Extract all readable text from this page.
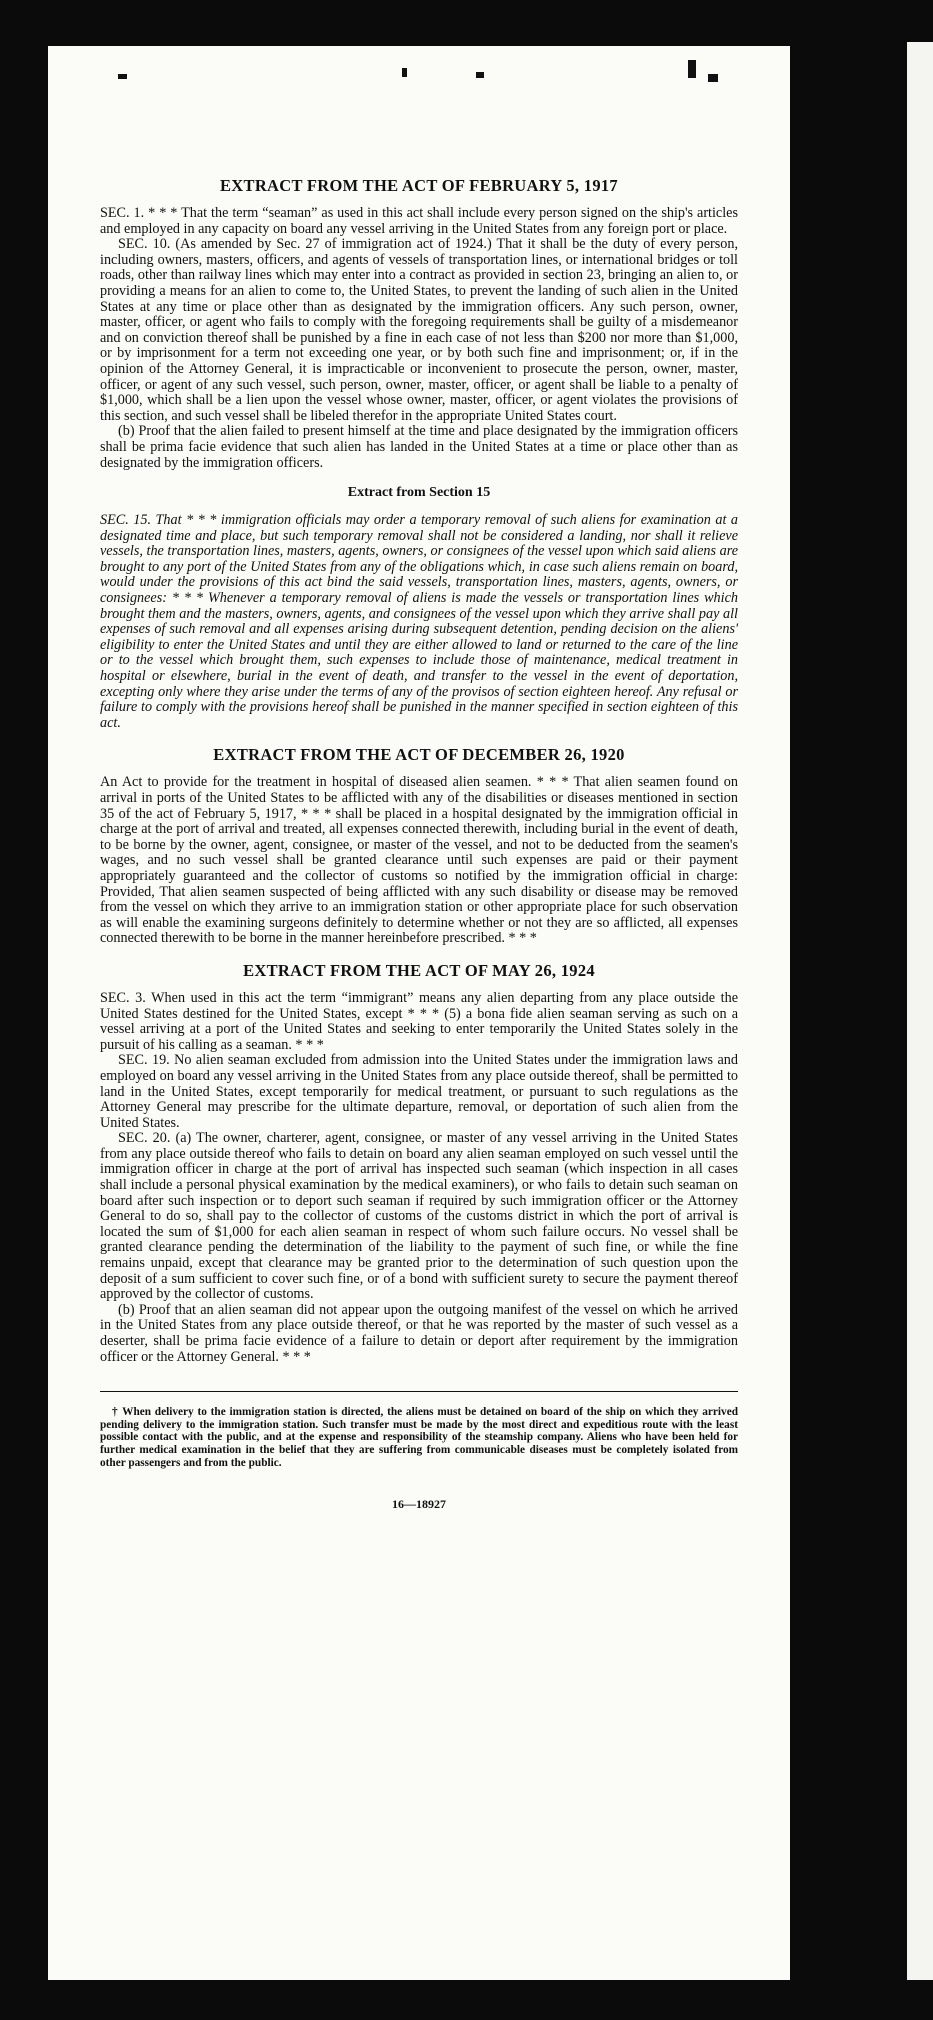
EXTRACT FROM THE ACT OF FEBRUARY 5, 1917

SEC. 1. * * * That the term “seaman” as used in this act shall include every person signed on the ship's articles and employed in any capacity on board any vessel arriving in the United States from any foreign port or place.

SEC. 10. (As amended by Sec. 27 of immigration act of 1924.) That it shall be the duty of every person, including owners, masters, officers, and agents of vessels of transportation lines, or international bridges or toll roads, other than railway lines which may enter into a contract as provided in section 23, bringing an alien to, or providing a means for an alien to come to, the United States, to prevent the landing of such alien in the United States at any time or place other than as designated by the immigration officers. Any such person, owner, master, officer, or agent who fails to comply with the foregoing requirements shall be guilty of a misdemeanor and on conviction thereof shall be punished by a fine in each case of not less than $200 nor more than $1,000, or by imprisonment for a term not exceeding one year, or by both such fine and imprisonment; or, if in the opinion of the Attorney General, it is impracticable or inconvenient to prosecute the person, owner, master, officer, or agent of any such vessel, such person, owner, master, officer, or agent shall be liable to a penalty of $1,000, which shall be a lien upon the vessel whose owner, master, officer, or agent violates the provisions of this section, and such vessel shall be libeled therefor in the appropriate United States court.

(b) Proof that the alien failed to present himself at the time and place designated by the immigration officers shall be prima facie evidence that such alien has landed in the United States at a time or place other than as designated by the immigration officers.

Extract from Section 15

SEC. 15. That * * * immigration officials may order a temporary removal of such aliens for examination at a designated time and place, but such temporary removal shall not be considered a landing, nor shall it relieve vessels, the transportation lines, masters, agents, owners, or consignees of the vessel upon which said aliens are brought to any port of the United States from any of the obligations which, in case such aliens remain on board, would under the provisions of this act bind the said vessels, transportation lines, masters, agents, owners, or consignees: * * * Whenever a temporary removal of aliens is made the vessels or transportation lines which brought them and the masters, owners, agents, and consignees of the vessel upon which they arrive shall pay all expenses of such removal and all expenses arising during subsequent detention, pending decision on the aliens' eligibility to enter the United States and until they are either allowed to land or returned to the care of the line or to the vessel which brought them, such expenses to include those of maintenance, medical treatment in hospital or elsewhere, burial in the event of death, and transfer to the vessel in the event of deportation, excepting only where they arise under the terms of any of the provisos of section eighteen hereof. Any refusal or failure to comply with the provisions hereof shall be punished in the manner specified in section eighteen of this act.

EXTRACT FROM THE ACT OF DECEMBER 26, 1920

An Act to provide for the treatment in hospital of diseased alien seamen. * * * That alien seamen found on arrival in ports of the United States to be afflicted with any of the disabilities or diseases mentioned in section 35 of the act of February 5, 1917, * * * shall be placed in a hospital designated by the immigration official in charge at the port of arrival and treated, all expenses connected therewith, including burial in the event of death, to be borne by the owner, agent, consignee, or master of the vessel, and not to be deducted from the seamen's wages, and no such vessel shall be granted clearance until such expenses are paid or their payment appropriately guaranteed and the collector of customs so notified by the immigration official in charge: Provided, That alien seamen suspected of being afflicted with any such disability or disease may be removed from the vessel on which they arrive to an immigration station or other appropriate place for such observation as will enable the examining surgeons definitely to determine whether or not they are so afflicted, all expenses connected therewith to be borne in the manner hereinbefore prescribed. * * *

EXTRACT FROM THE ACT OF MAY 26, 1924

SEC. 3. When used in this act the term “immigrant” means any alien departing from any place outside the United States destined for the United States, except * * * (5) a bona fide alien seaman serving as such on a vessel arriving at a port of the United States and seeking to enter temporarily the United States solely in the pursuit of his calling as a seaman. * * *

SEC. 19. No alien seaman excluded from admission into the United States under the immigration laws and employed on board any vessel arriving in the United States from any place outside thereof, shall be permitted to land in the United States, except temporarily for medical treatment, or pursuant to such regulations as the Attorney General may prescribe for the ultimate departure, removal, or deportation of such alien from the United States.

SEC. 20. (a) The owner, charterer, agent, consignee, or master of any vessel arriving in the United States from any place outside thereof who fails to detain on board any alien seaman employed on such vessel until the immigration officer in charge at the port of arrival has inspected such seaman (which inspection in all cases shall include a personal physical examination by the medical examiners), or who fails to detain such seaman on board after such inspection or to deport such seaman if required by such immigration officer or the Attorney General to do so, shall pay to the collector of customs of the customs district in which the port of arrival is located the sum of $1,000 for each alien seaman in respect of whom such failure occurs. No vessel shall be granted clearance pending the determination of the liability to the payment of such fine, or while the fine remains unpaid, except that clearance may be granted prior to the determination of such question upon the deposit of a sum sufficient to cover such fine, or of a bond with sufficient surety to secure the payment thereof approved by the collector of customs.

(b) Proof that an alien seaman did not appear upon the outgoing manifest of the vessel on which he arrived in the United States from any place outside thereof, or that he was reported by the master of such vessel as a deserter, shall be prima facie evidence of a failure to detain or deport after requirement by the immigration officer or the Attorney General. * * *

† When delivery to the immigration station is directed, the aliens must be detained on board of the ship on which they arrived pending delivery to the immigration station. Such transfer must be made by the most direct and expeditious route with the least possible contact with the public, and at the expense and responsibility of the steamship company. Aliens who have been held for further medical examination in the belief that they are suffering from communicable diseases must be completely isolated from other passengers and from the public.

16—18927
